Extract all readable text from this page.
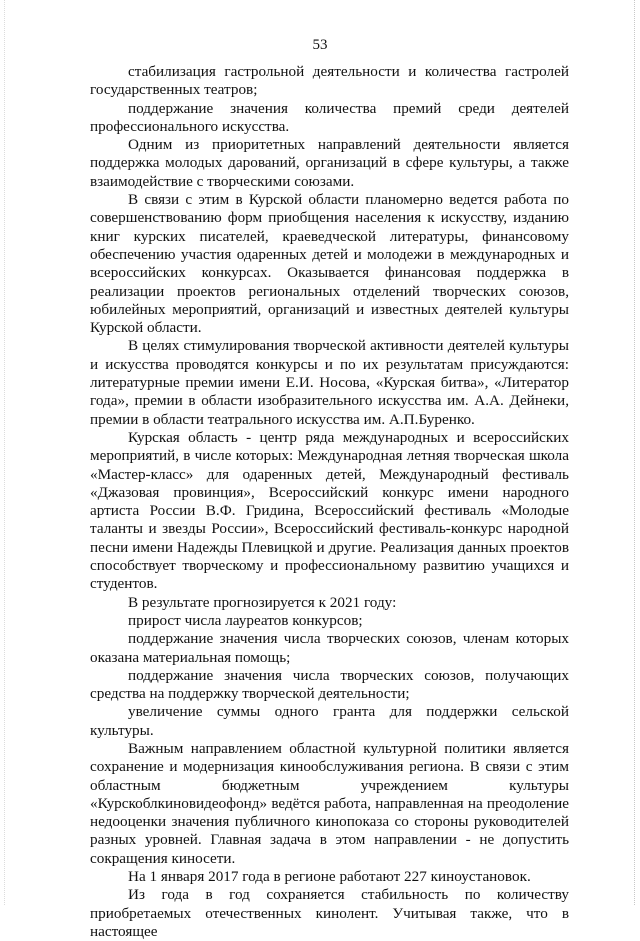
53

стабилизация гастрольной деятельности и количества гастролей государственных театров;

поддержание значения количества премий среди деятелей профессионального искусства.

Одним из приоритетных направлений деятельности является поддержка молодых дарований, организаций в сфере культуры, а также взаимодействие с творческими союзами.

В связи с этим в Курской области планомерно ведется работа по совершенствованию форм приобщения населения к искусству, изданию книг курских писателей, краеведческой литературы, финансовому обеспечению участия одаренных детей и молодежи в международных и всероссийских конкурсах. Оказывается финансовая поддержка в реализации проектов региональных отделений творческих союзов, юбилейных мероприятий, организаций и известных деятелей культуры Курской области.

В целях стимулирования творческой активности деятелей культуры и искусства проводятся конкурсы и по их результатам присуждаются: литературные премии имени Е.И. Носова, «Курская битва», «Литератор года», премии в области изобразительного искусства им. А.А. Дейнеки, премии в области театрального искусства им. А.П.Буренко.

Курская область - центр ряда международных и всероссийских мероприятий, в числе которых: Международная летняя творческая школа «Мастер-класс» для одаренных детей, Международный фестиваль «Джазовая провинция», Всероссийский конкурс имени народного артиста России В.Ф. Гридина, Всероссийский фестиваль «Молодые таланты и звезды России», Всероссийский фестиваль-конкурс народной песни имени Надежды Плевицкой и другие. Реализация данных проектов способствует творческому и профессиональному развитию учащихся и студентов.

В результате прогнозируется к 2021 году:

прирост числа лауреатов конкурсов;

поддержание значения числа творческих союзов, членам которых оказана материальная помощь;

поддержание значения числа творческих союзов, получающих средства на поддержку творческой деятельности;

увеличение суммы одного гранта для поддержки сельской культуры.

Важным направлением областной культурной политики является сохранение и модернизация кинообслуживания региона. В связи с этим областным бюджетным учреждением культуры «Курскоблкиновидеофонд» ведётся работа, направленная на преодоление недооценки значения публичного кинопоказа со стороны руководителей разных уровней. Главная задача в этом направлении - не допустить сокращения киносети.

На 1 января 2017 года в регионе работают 227 киноустановок.

Из года в год сохраняется стабильность по количеству приобретаемых отечественных кинолент. Учитывая также, что в настоящее
